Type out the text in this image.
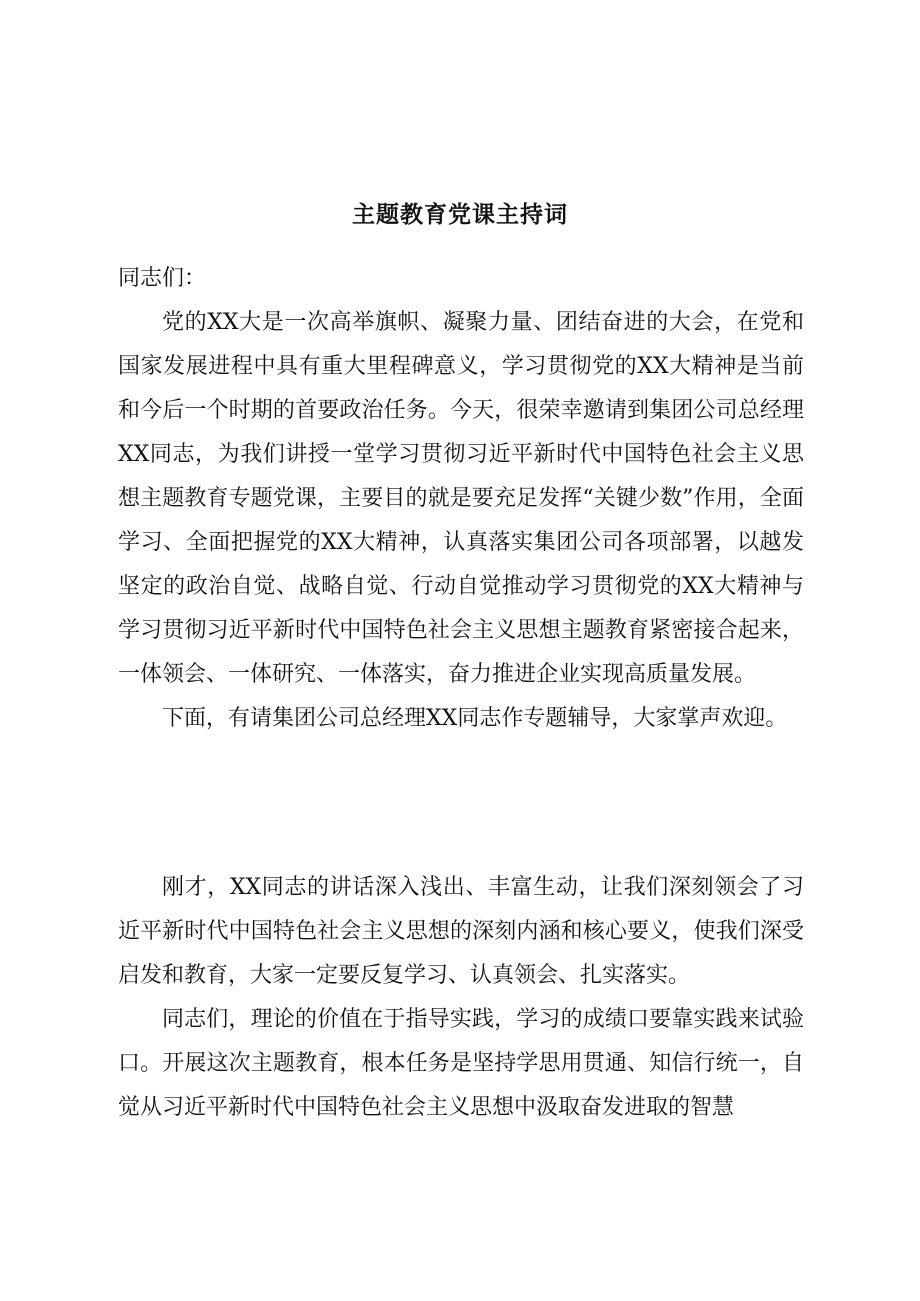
主题教育党课主持词
同志们：

党的XX大是一次高举旗帜、凝聚力量、团结奋进的大会，在党和国家发展进程中具有重大里程碑意义，学习贯彻党的XX大精神是当前和今后一个时期的首要政治任务。今天，很荣幸邀请到集团公司总经理XX同志，为我们讲授一堂学习贯彻习近平新时代中国特色社会主义思想主题教育专题党课，主要目的就是要充足发挥“关键少数”作用，全面学习、全面把握党的XX大精神，认真落实集团公司各项部署，以越发坚定的政治自觉、战略自觉、行动自觉推动学习贯彻党的XX大精神与学习贯彻习近平新时代中国特色社会主义思想主题教育紧密接合起来，一体领会、一体研究、一体落实，奋力推进企业实现高质量发展。

下面，有请集团公司总经理XX同志作专题辅导，大家掌声欢迎。

刚才，XX同志的讲话深入浅出、丰富生动，让我们深刻领会了习近平新时代中国特色社会主义思想的深刻内涵和核心要义，使我们深受启发和教育，大家一定要反复学习、认真领会、扎实落实。

同志们，理论的价值在于指导实践，学习的成绩口要靠实践来试验口。开展这次主题教育，根本任务是坚持学思用贯通、知信行统一，自觉从习近平新时代中国特色社会主义思想中汲取奋发进取的智慧
